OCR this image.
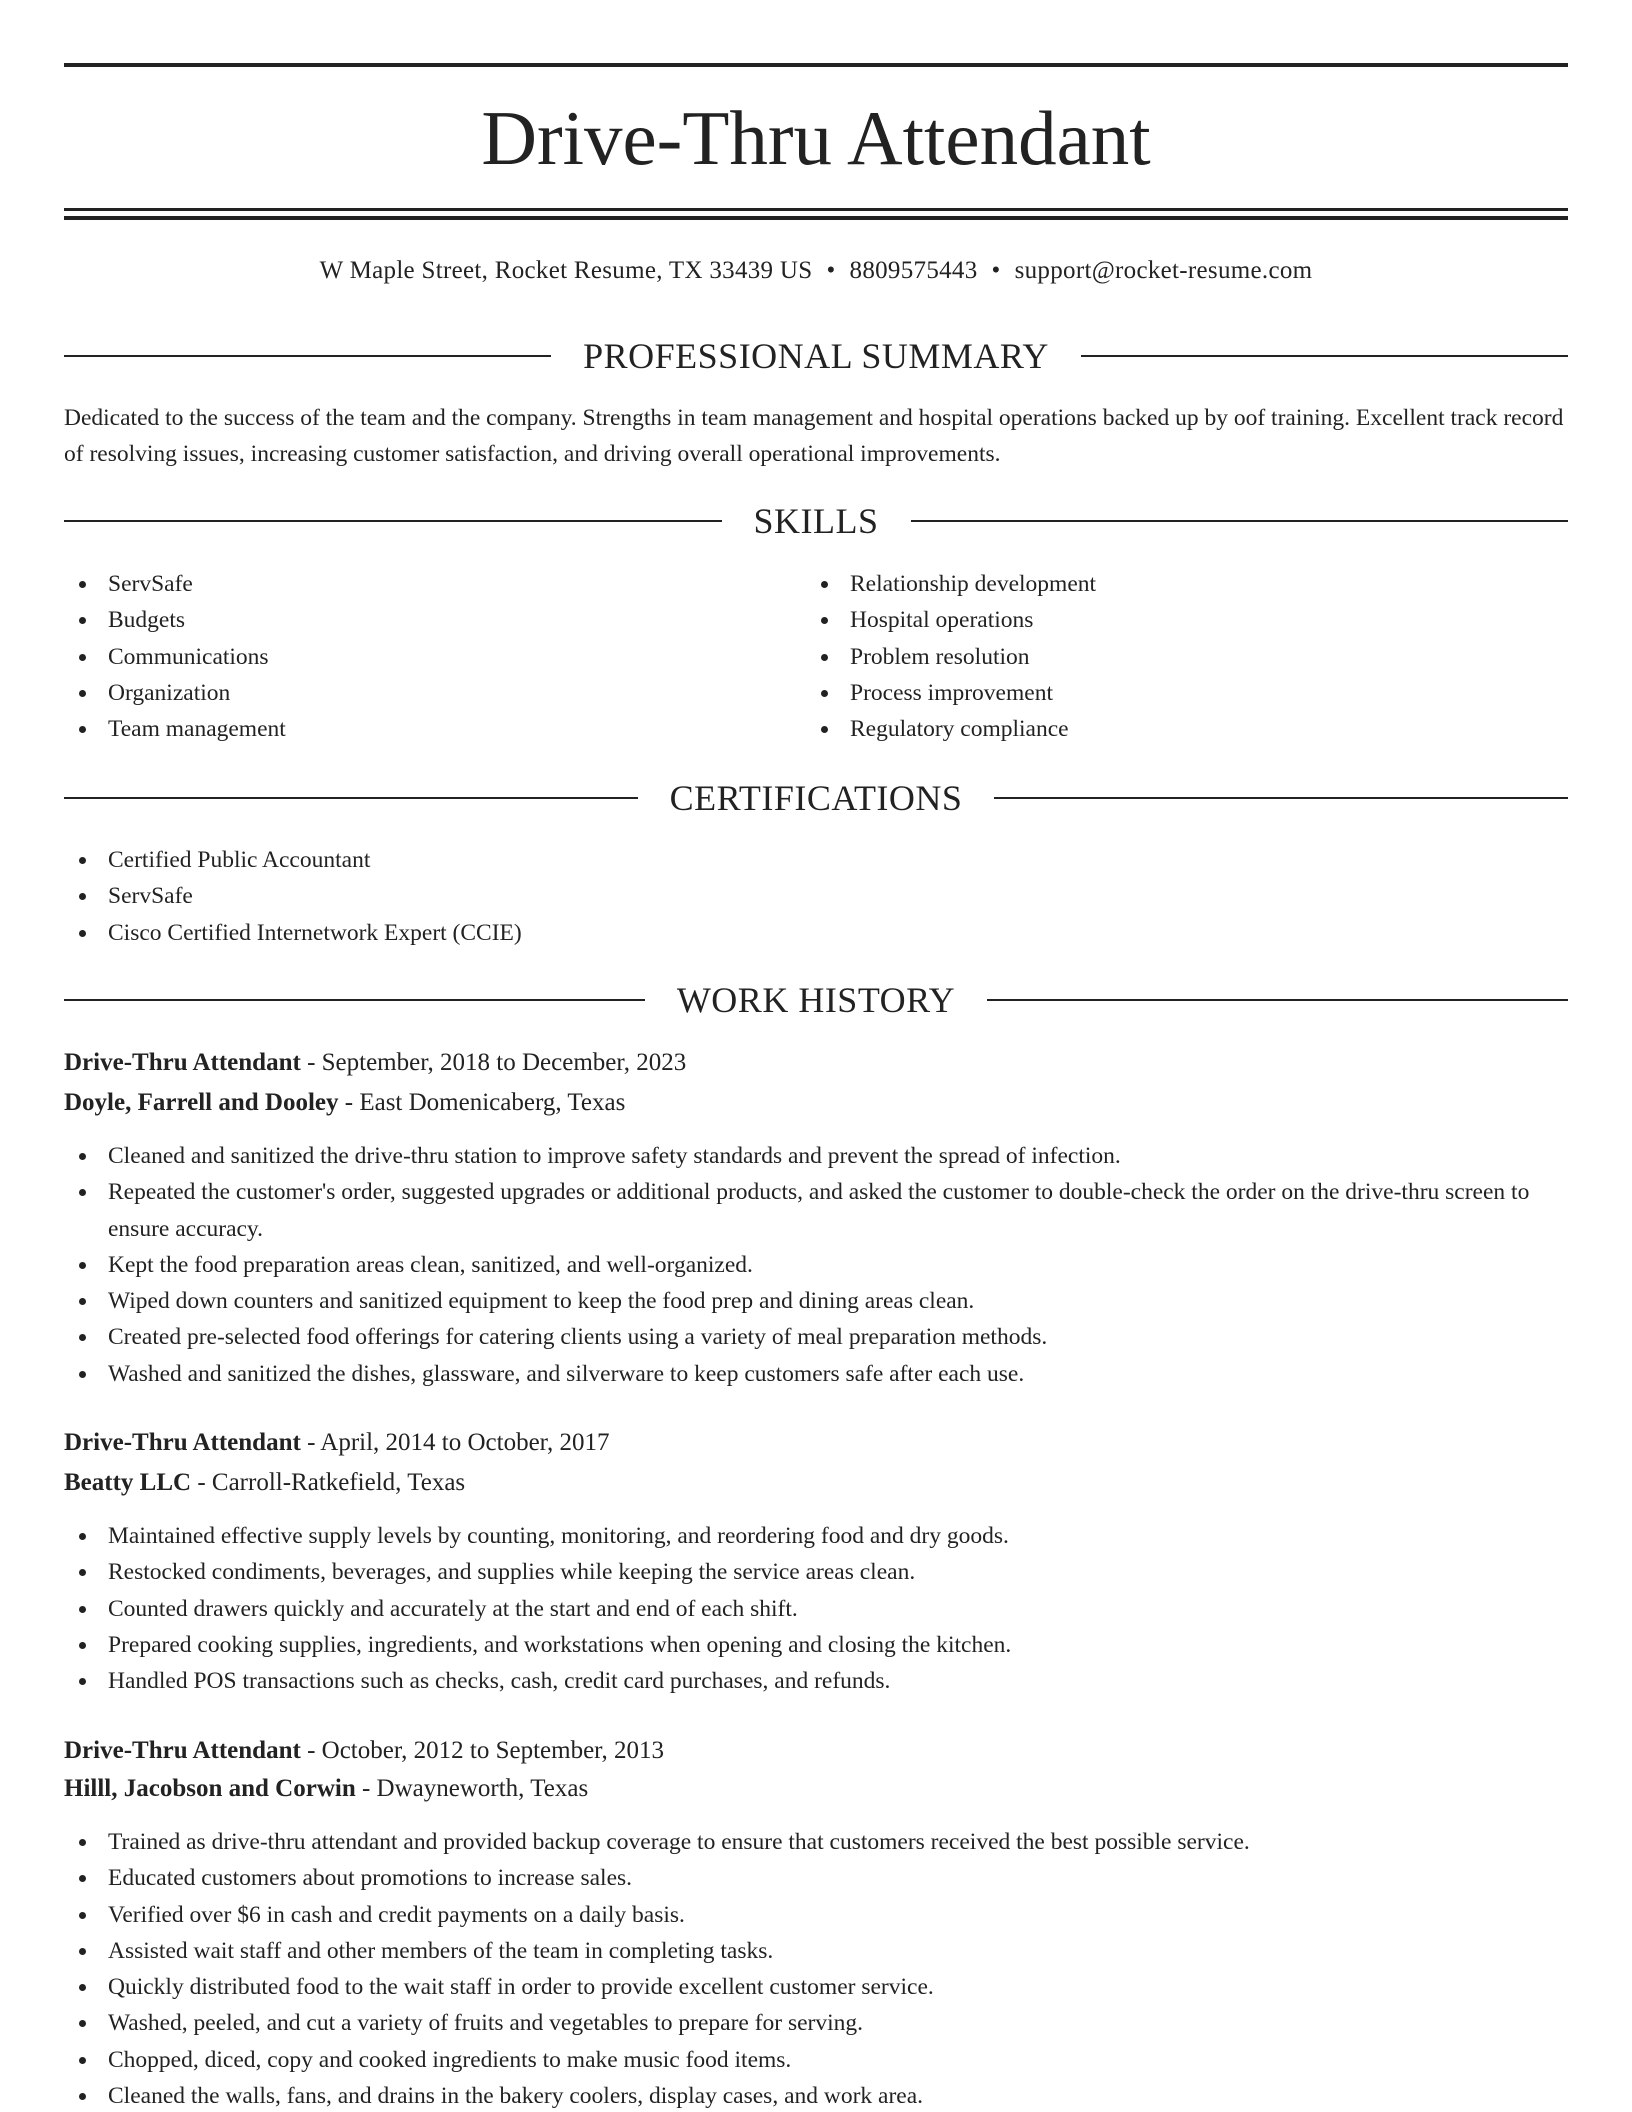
Drive-Thru Attendant
W Maple Street, Rocket Resume, TX 33439 US • 8809575443 • support@rocket-resume.com
PROFESSIONAL SUMMARY

Dedicated to the success of the team and the company. Strengths in team management and hospital operations backed up by oof training. Excellent track record of resolving issues, increasing customer satisfaction, and driving overall operational improvements.

SKILLS
ServSafe
Budgets
Communications
Organization
Team management
Relationship development
Hospital operations
Problem resolution
Process improvement
Regulatory compliance
CERTIFICATIONS
Certified Public Accountant
ServSafe
Cisco Certified Internetwork Expert (CCIE)
WORK HISTORY
Drive-Thru Attendant - September, 2018 to December, 2023
Doyle, Farrell and Dooley - East Domenicaberg, Texas
Cleaned and sanitized the drive-thru station to improve safety standards and prevent the spread of infection.
Repeated the customer's order, suggested upgrades or additional products, and asked the customer to double-check the order on the drive-thru screen to ensure accuracy.
Kept the food preparation areas clean, sanitized, and well-organized.
Wiped down counters and sanitized equipment to keep the food prep and dining areas clean.
Created pre-selected food offerings for catering clients using a variety of meal preparation methods.
Washed and sanitized the dishes, glassware, and silverware to keep customers safe after each use.
Drive-Thru Attendant - April, 2014 to October, 2017
Beatty LLC - Carroll-Ratkefield, Texas
Maintained effective supply levels by counting, monitoring, and reordering food and dry goods.
Restocked condiments, beverages, and supplies while keeping the service areas clean.
Counted drawers quickly and accurately at the start and end of each shift.
Prepared cooking supplies, ingredients, and workstations when opening and closing the kitchen.
Handled POS transactions such as checks, cash, credit card purchases, and refunds.
Drive-Thru Attendant - October, 2012 to September, 2013
Hilll, Jacobson and Corwin - Dwayneworth, Texas
Trained as drive-thru attendant and provided backup coverage to ensure that customers received the best possible service.
Educated customers about promotions to increase sales.
Verified over $6 in cash and credit payments on a daily basis.
Assisted wait staff and other members of the team in completing tasks.
Quickly distributed food to the wait staff in order to provide excellent customer service.
Washed, peeled, and cut a variety of fruits and vegetables to prepare for serving.
Chopped, diced, copy and cooked ingredients to make music food items.
Cleaned the walls, fans, and drains in the bakery coolers, display cases, and work area.
